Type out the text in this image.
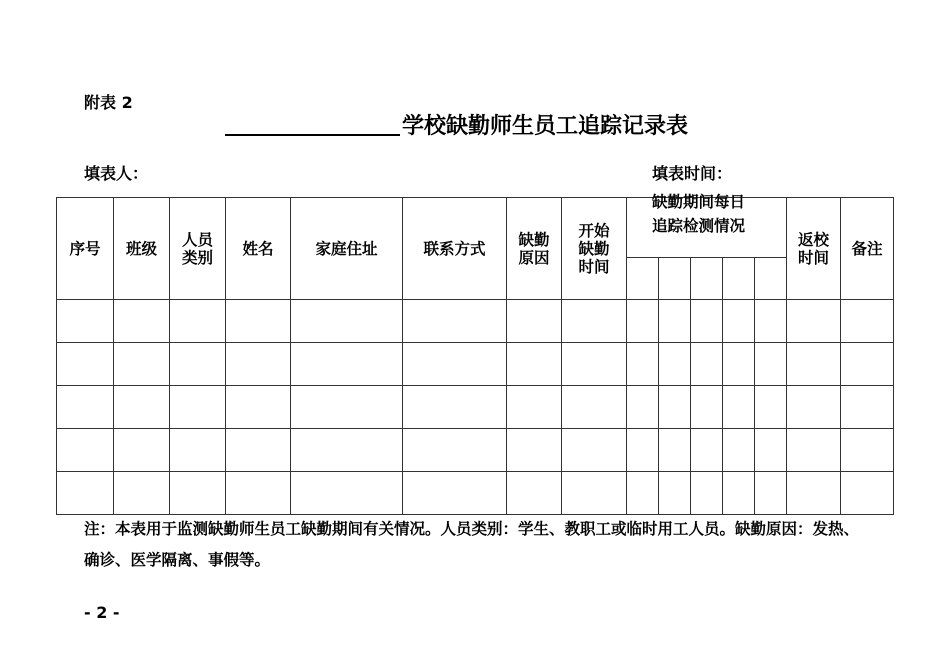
附表 2
学校缺勤师生员工追踪记录表
填表人：	填表时间：
序号	班级	人员类别	姓名	家庭住址	联系方式	缺勤原因	开始缺勤时间						返校时间	备注

缺勤期间每日
追踪检测情况
注：本表用于监测缺勤师生员工缺勤期间有关情况。人员类别：学生、教职工或临时用工人员。缺勤原因：发热、确诊、医学隔离、事假等。
- 2 -
